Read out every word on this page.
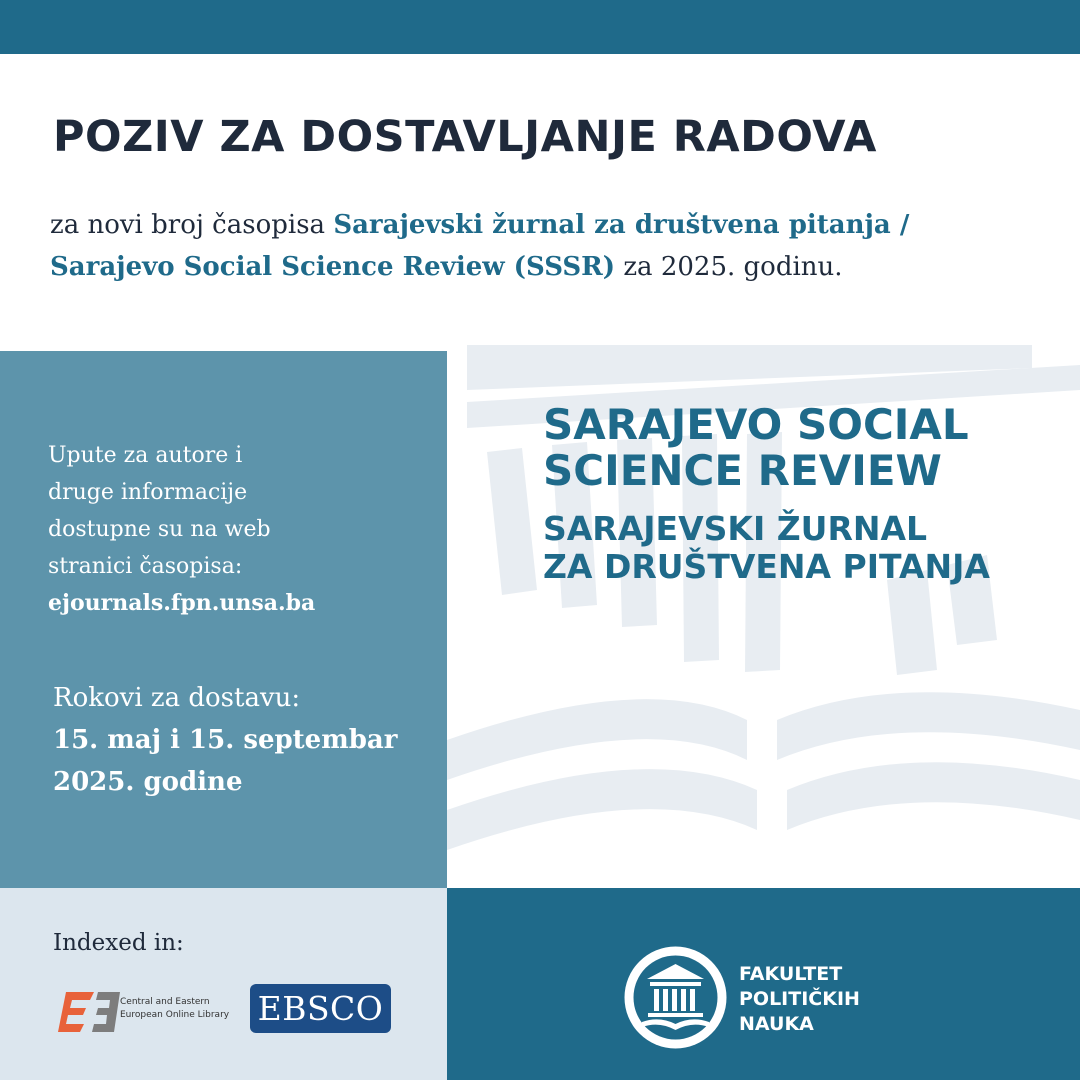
POZIV ZA DOSTAVLJANJE RADOVA

za novi broj časopisa Sarajevski žurnal za društvena pitanja / Sarajevo Social Science Review (SSSR) za 2025. godinu.

Upute za autore i
druge informacije
dostupne su na web
stranici časopisa:
ejournals.fpn.unsa.ba

Rokovi za dostavu:
15. maj i 15. septembar
2025. godine

SARAJEVO SOCIAL
SCIENCE REVIEW
SARAJEVSKI ŽURNAL
ZA DRUŠTVENA PITANJA

Indexed in:

Central and Eastern
European Online Library EBSCO
FAKULTET
POLITIČKIH
NAUKA
